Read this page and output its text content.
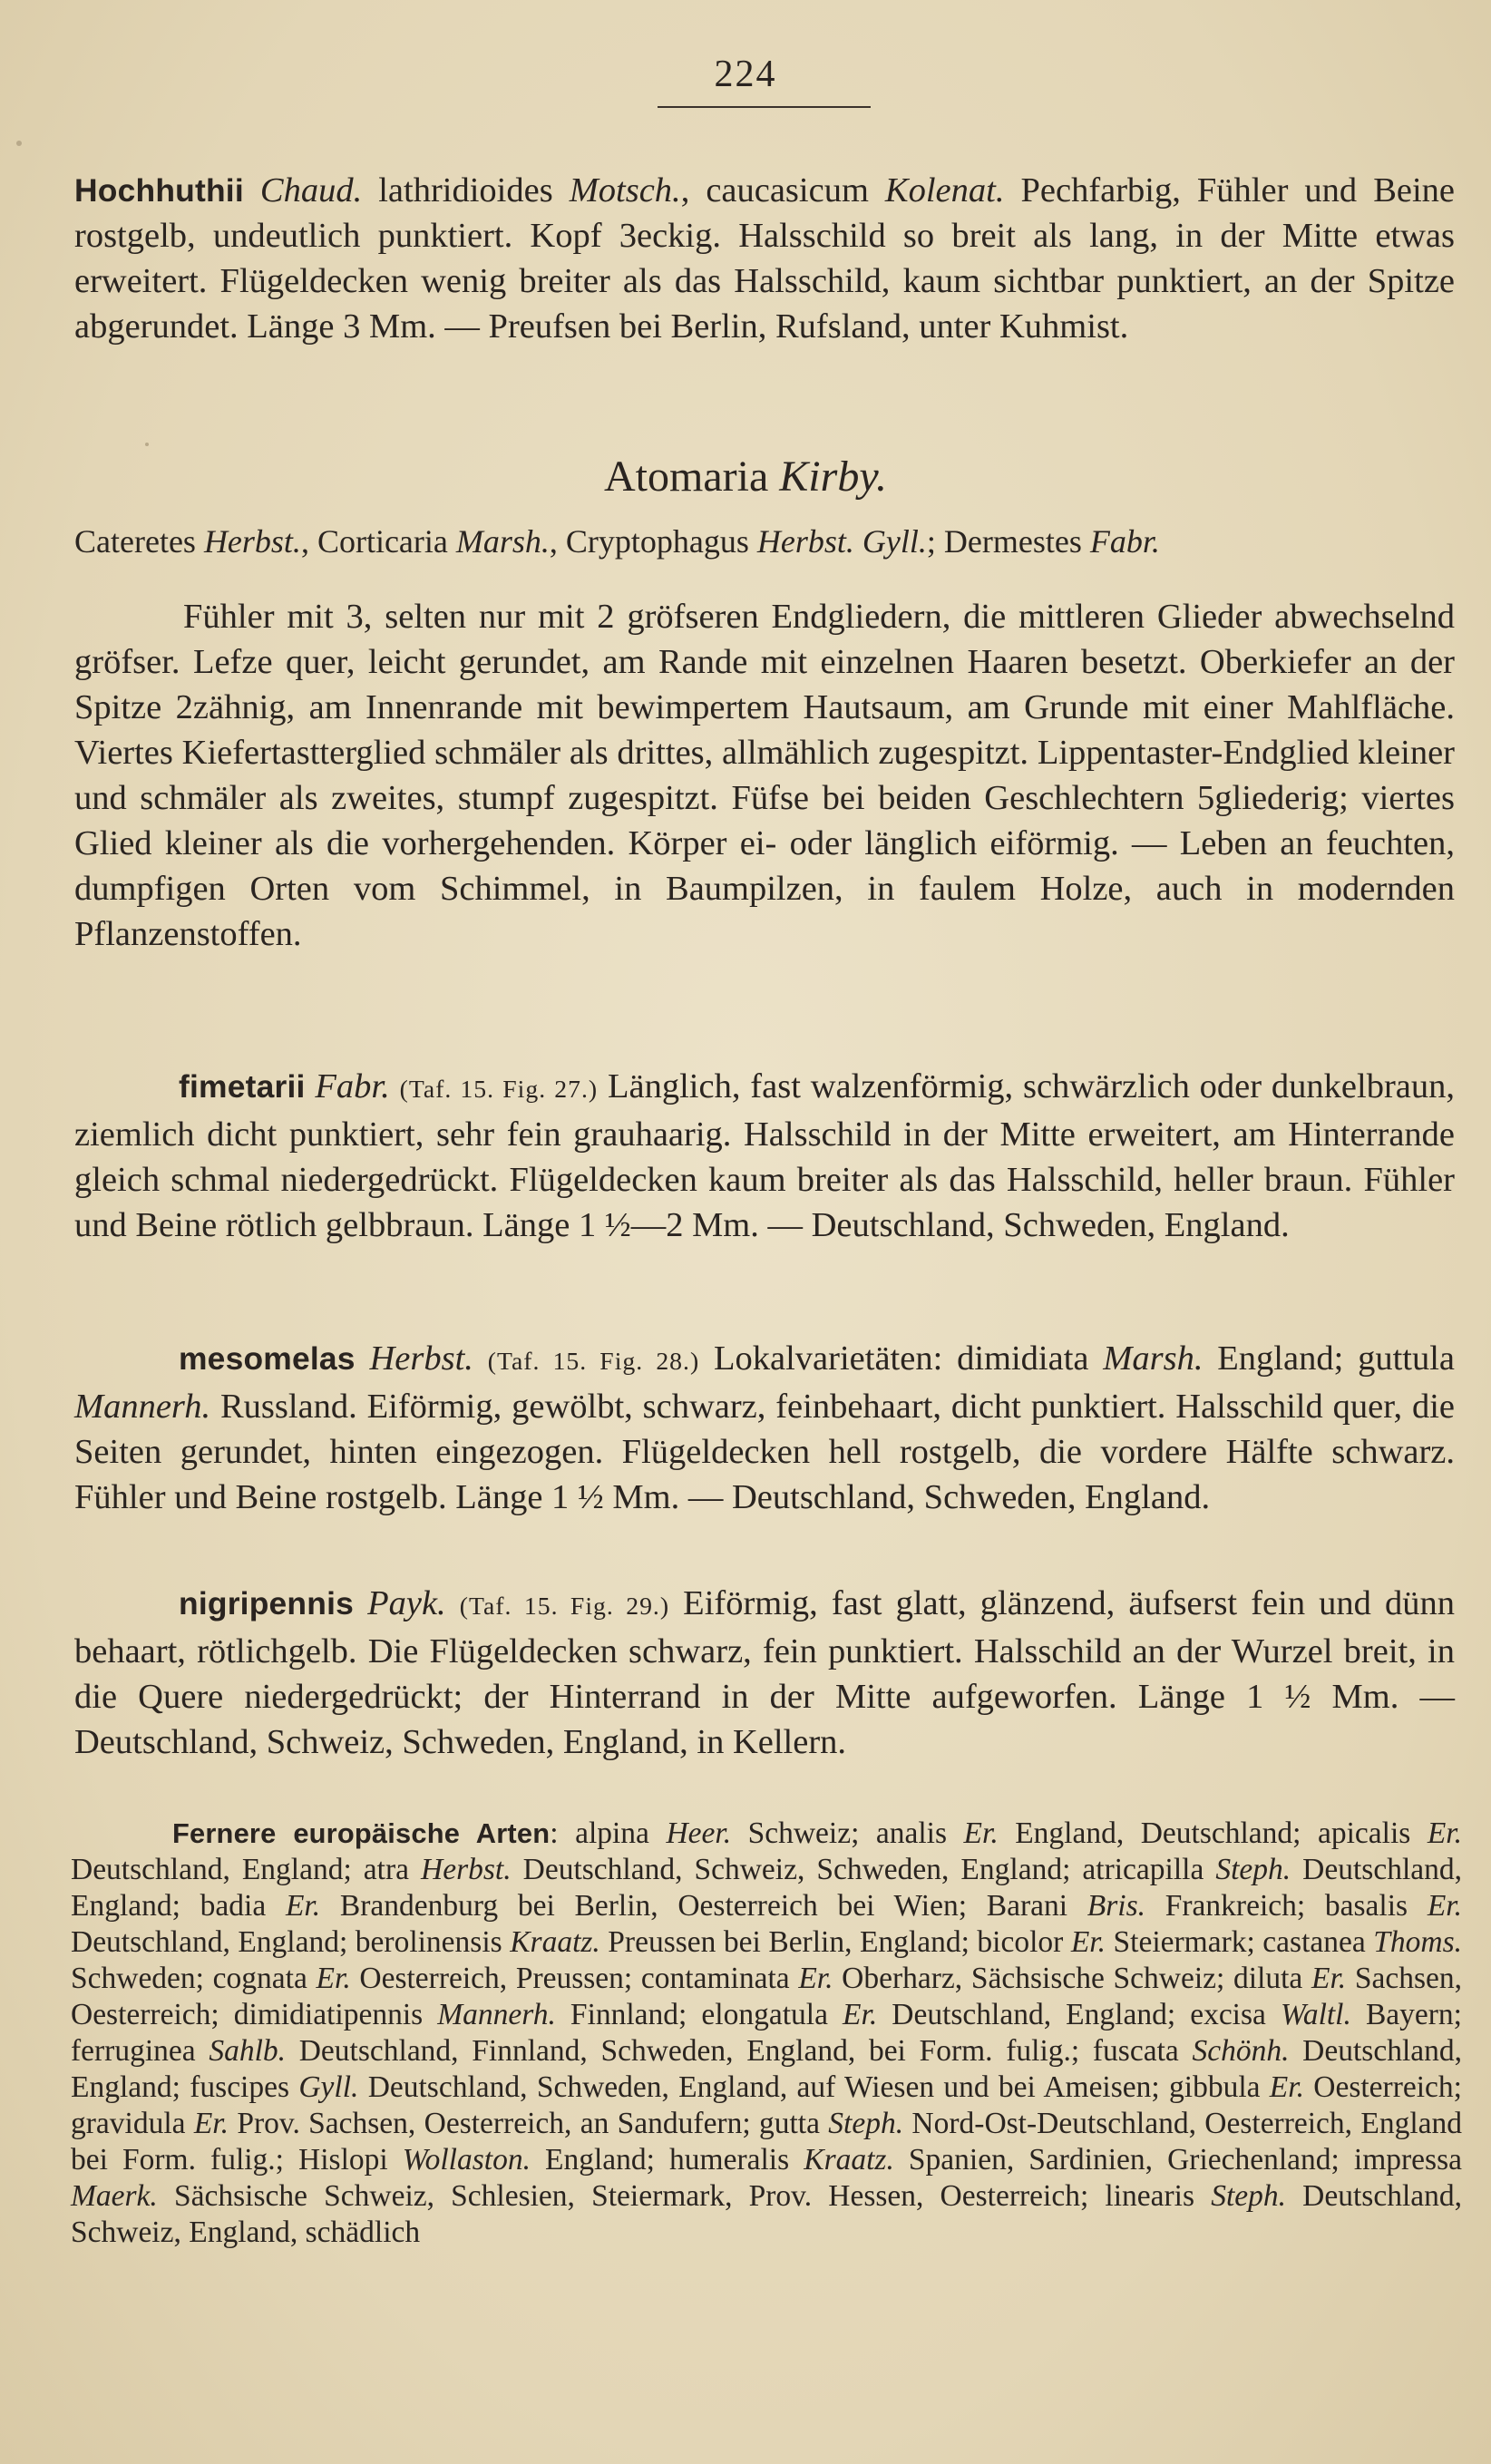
224
Hochhuthii Chaud. lathridioides Motsch., caucasicum Kolenat. Pechfarbig, Fühler und Beine rostgelb, undeutlich punktiert. Kopf 3eckig. Halsschild so breit als lang, in der Mitte etwas erweitert. Flügeldecken wenig breiter als das Halsschild, kaum sichtbar punktiert, an der Spitze abgerundet. Länge 3 Mm. — Preufsen bei Berlin, Rufsland, unter Kuhmist.
Atomaria Kirby.
Cateretes Herbst., Corticaria Marsh., Cryptophagus Herbst. Gyll.; Dermestes Fabr.
Fühler mit 3, selten nur mit 2 gröfseren Endgliedern, die mittleren Glieder abwechselnd gröfser. Lefze quer, leicht gerundet, am Rande mit einzelnen Haaren besetzt. Oberkiefer an der Spitze 2zähnig, am Innenrande mit bewimpertem Hautsaum, am Grunde mit einer Mahlfläche. Viertes Kiefertastterglied schmäler als drittes, allmählich zugespitzt. Lippentaster-Endglied kleiner und schmäler als zweites, stumpf zugespitzt. Füfse bei beiden Geschlechtern 5gliederig; viertes Glied kleiner als die vorhergehenden. Körper ei- oder länglich eiförmig. — Leben an feuchten, dumpfigen Orten vom Schimmel, in Baumpilzen, in faulem Holze, auch in modernden Pflanzenstoffen.
fimetarii Fabr. (Taf. 15. Fig. 27.) Länglich, fast walzenförmig, schwärzlich oder dunkelbraun, ziemlich dicht punktiert, sehr fein grauhaarig. Halsschild in der Mitte erweitert, am Hinterrande gleich schmal niedergedrückt. Flügeldecken kaum breiter als das Halsschild, heller braun. Fühler und Beine rötlich gelbbraun. Länge 1 ½—2 Mm. — Deutschland, Schweden, England.
mesomelas Herbst. (Taf. 15. Fig. 28.) Lokalvarietäten: dimidiata Marsh. England; guttula Mannerh. Russland. Eiförmig, gewölbt, schwarz, feinbehaart, dicht punktiert. Halsschild quer, die Seiten gerundet, hinten eingezogen. Flügeldecken hell rostgelb, die vordere Hälfte schwarz. Fühler und Beine rostgelb. Länge 1 ½ Mm. — Deutschland, Schweden, England.
nigripennis Payk. (Taf. 15. Fig. 29.) Eiförmig, fast glatt, glänzend, äufserst fein und dünn behaart, rötlichgelb. Die Flügeldecken schwarz, fein punktiert. Halsschild an der Wurzel breit, in die Quere niedergedrückt; der Hinterrand in der Mitte aufgeworfen. Länge 1 ½ Mm. — Deutschland, Schweiz, Schweden, England, in Kellern.
Fernere europäische Arten: alpina Heer. Schweiz; analis Er. England, Deutschland; apicalis Er. Deutschland, England; atra Herbst. Deutschland, Schweiz, Schweden, England; atricapilla Steph. Deutschland, England; badia Er. Brandenburg bei Berlin, Oesterreich bei Wien; Barani Bris. Frankreich; basalis Er. Deutschland, England; berolinensis Kraatz. Preussen bei Berlin, England; bicolor Er. Steiermark; castanea Thoms. Schweden; cognata Er. Oesterreich, Preussen; contaminata Er. Oberharz, Sächsische Schweiz; diluta Er. Sachsen, Oesterreich; dimidiatipennis Mannerh. Finnland; elongatula Er. Deutschland, England; excisa Waltl. Bayern; ferruginea Sahlb. Deutschland, Finnland, Schweden, England, bei Form. fulig.; fuscata Schönh. Deutschland, England; fuscipes Gyll. Deutschland, Schweden, England, auf Wiesen und bei Ameisen; gibbula Er. Oesterreich; gravidula Er. Prov. Sachsen, Oesterreich, an Sandufern; gutta Steph. Nord-Ost-Deutschland, Oesterreich, England bei Form. fulig.; Hislopi Wollaston. England; humeralis Kraatz. Spanien, Sardinien, Griechenland; impressa Maerk. Sächsische Schweiz, Schlesien, Steiermark, Prov. Hessen, Oesterreich; linearis Steph. Deutschland, Schweiz, England, schädlich
